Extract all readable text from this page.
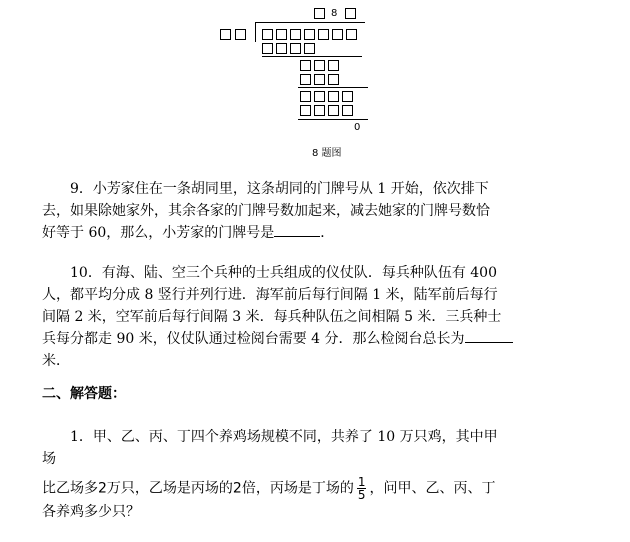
8
0
8 题图
9．小芳家住在一条胡同里，这条胡同的门牌号从 1 开始，依次排下
去，如果除她家外，其余各家的门牌号数加起来，减去她家的门牌号数恰
好等于 60，那么，小芳家的门牌号是	．
10．有海、陆、空三个兵种的士兵组成的仪仗队．每兵种队伍有 400
人，都平均分成 8 竖行并列行进．海军前后每行间隔 1 米，陆军前后每行
间隔 2 米，空军前后每行间隔 3 米．每兵种队伍之间相隔 5 米．三兵种士
兵每分都走 90 米，仪仗队通过检阅台需要 4 分．那么检阅台总长为
米．
二、解答题：
1．甲、乙、丙、丁四个养鸡场规模不同，共养了 10 万只鸡，其中甲
场
比乙场多2万只，乙场是丙场的2倍，丙场是丁场的 $\frac{1}{5}$ ，问甲、乙、丙、丁
各养鸡多少只？
